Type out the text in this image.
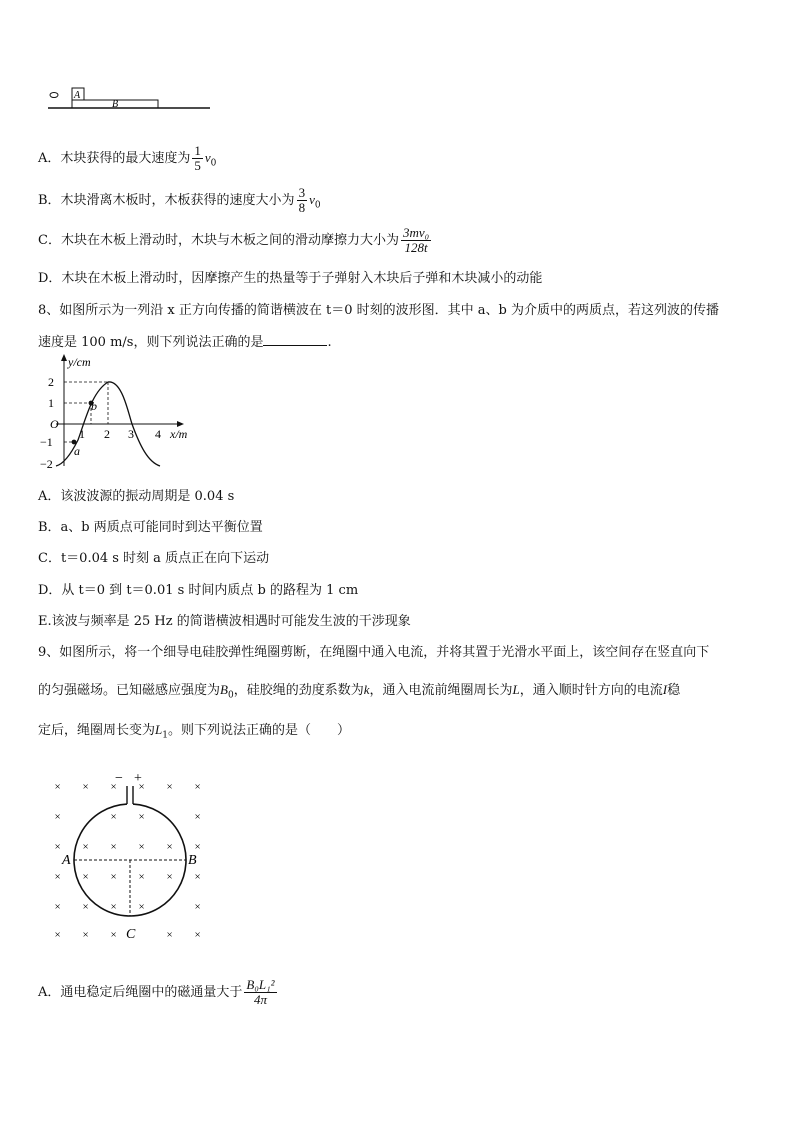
A
B
A．木块获得的最大速度为 $\frac{1}{5} v_0$
B．木块滑离木板时，木板获得的速度大小为 $\frac{3}{8} v_0$
C．木块在木板上滑动时，木块与木板之间的滑动摩擦力大小为 $\frac{\text{3mv₀}}{128t}$
D．木块在木板上滑动时，因摩擦产生的热量等于子弹射入木块后子弹和木块减小的动能
8、如图所示为一列沿 x 正方向传播的简谐横波在 t＝0 时刻的波形图．其中 a、b 为介质中的两质点，若这列波的传播
速度是 100 m/s，则下列说法正确的是	.
y/cm
x/m
O
2
1
−1
−2
1 2 3 4
b
a
A．该波波源的振动周期是 0.04 s
B．a、b 两质点可能同时到达平衡位置
C．t＝0.04 s 时刻 a 质点正在向下运动
D．从 t＝0 到 t＝0.01 s 时间内质点 b 的路程为 1 cm
E.该波与频率是 25 Hz 的简谐横波相遇时可能发生波的干涉现象
9、如图所示，将一个细导电硅胶弹性绳圈剪断，在绳圈中通入电流，并将其置于光滑水平面上，该空间存在竖直向下
的匀强磁场。已知磁感应强度为$B_0$，硅胶绳的劲度系数为k，通入电流前绳圈周长为L，通入顺时针方向的电流I稳
定后，绳圈周长变为$L_1$。则下列说法正确的是（　　）
× × × × × ×
×	× ×	×
× × × × × ×
× × × × × ×
× × × ×	×
× × ×	× ×
− +
A	B
C
A．通电稳定后绳圈中的磁通量大于 $\frac{\text{B₀L₁²}}{4\pi}$
